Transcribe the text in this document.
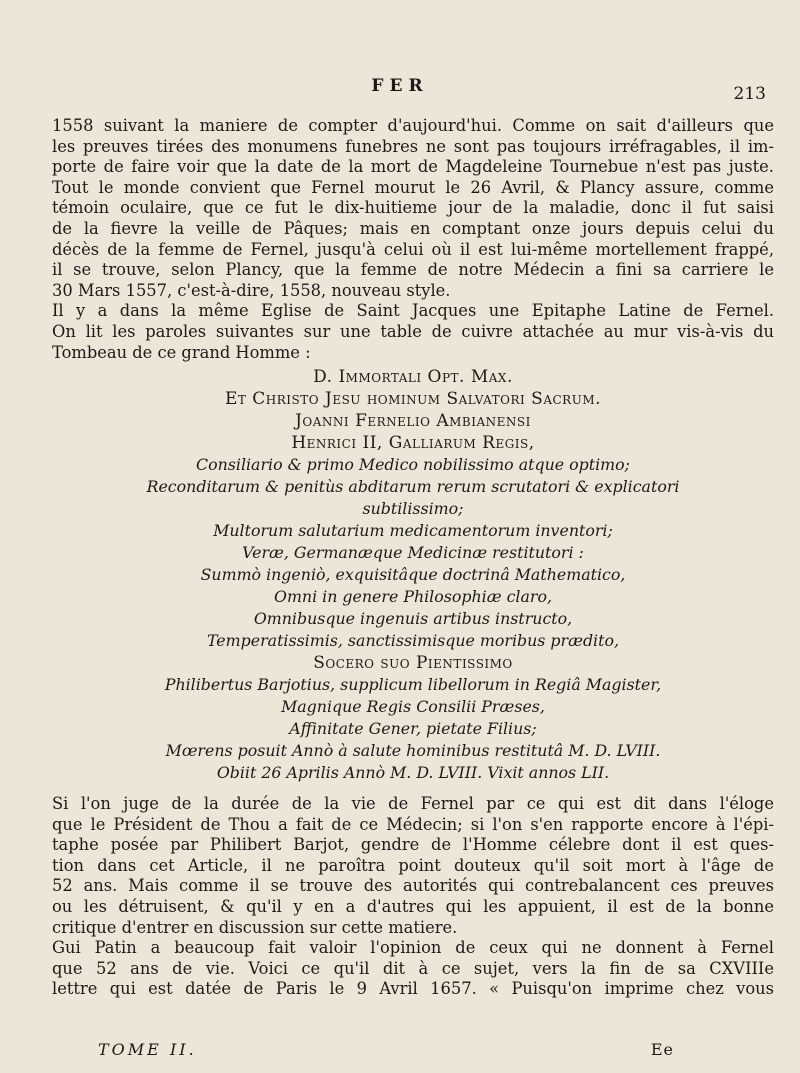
FER	213

1558 suivant la maniere de compter d'aujourd'hui. Comme on sait d'ailleurs que
les preuves tirées des monumens funebres ne sont pas toujours irréfragables, il im-
porte de faire voir que la date de la mort de Magdeleine Tournebue n'est pas juste.
Tout le monde convient que Fernel mourut le 26 Avril, & Plancy assure, comme
témoin oculaire, que ce fut le dix-huitieme jour de la maladie, donc il fut saisi
de la fievre la veille de Pâques; mais en comptant onze jours depuis celui du
décès de la femme de Fernel, jusqu'à celui où il est lui-même mortellement frappé,
il se trouve, selon Plancy, que la femme de notre Médecin a fini sa carriere le
30 Mars 1557, c'est-à-dire, 1558, nouveau style.
Il y a dans la même Eglise de Saint Jacques une Epitaphe Latine de Fernel.
On lit les paroles suivantes sur une table de cuivre attachée au mur vis-à-vis du
Tombeau de ce grand Homme :

D. Immortali Opt. Max.
Et Christo Jesu hominum Salvatori Sacrum.
Joanni Fernelio Ambianensi
Henrici II, Galliarum Regis,
Consiliario & primo Medico nobilissimo atque optimo;
Reconditarum & penitùs abditarum rerum scrutatori & explicatori
subtilissimo;
Multorum salutarium medicamentorum inventori;
Veræ, Germanæque Medicinæ restitutori :
Summò ingeniò, exquisitâque doctrinâ Mathematico,
Omni in genere Philosophiæ claro,
Omnibusque ingenuis artibus instructo,
Temperatissimis, sanctissimisque moribus prædito,
Socero suo Pientissimo
Philibertus Barjotius, supplicum libellorum in Regiâ Magister,
Magnique Regis Consilii Præses,
Affinitate Gener, pietate Filius;
Mœrens posuit Annò à salute hominibus restitutâ M. D. LVIII.
Obiit 26 Aprilis Annò M. D. LVIII. Vixit annos LII.

Si l'on juge de la durée de la vie de Fernel par ce qui est dit dans l'éloge
que le Président de Thou a fait de ce Médecin; si l'on s'en rapporte encore à l'épi-
taphe posée par Philibert Barjot, gendre de l'Homme célebre dont il est ques-
tion dans cet Article, il ne paroîtra point douteux qu'il soit mort à l'âge de
52 ans. Mais comme il se trouve des autorités qui contrebalancent ces preuves
ou les détruisent, & qu'il y en a d'autres qui les appuient, il est de la bonne
critique d'entrer en discussion sur cette matiere.
Gui Patin a beaucoup fait valoir l'opinion de ceux qui ne donnent à Fernel
que 52 ans de vie. Voici ce qu'il dit à ce sujet, vers la fin de sa CXVIIIe
lettre qui est datée de Paris le 9 Avril 1657. « Puisqu'on imprime chez vous

TOME II.	Ee
